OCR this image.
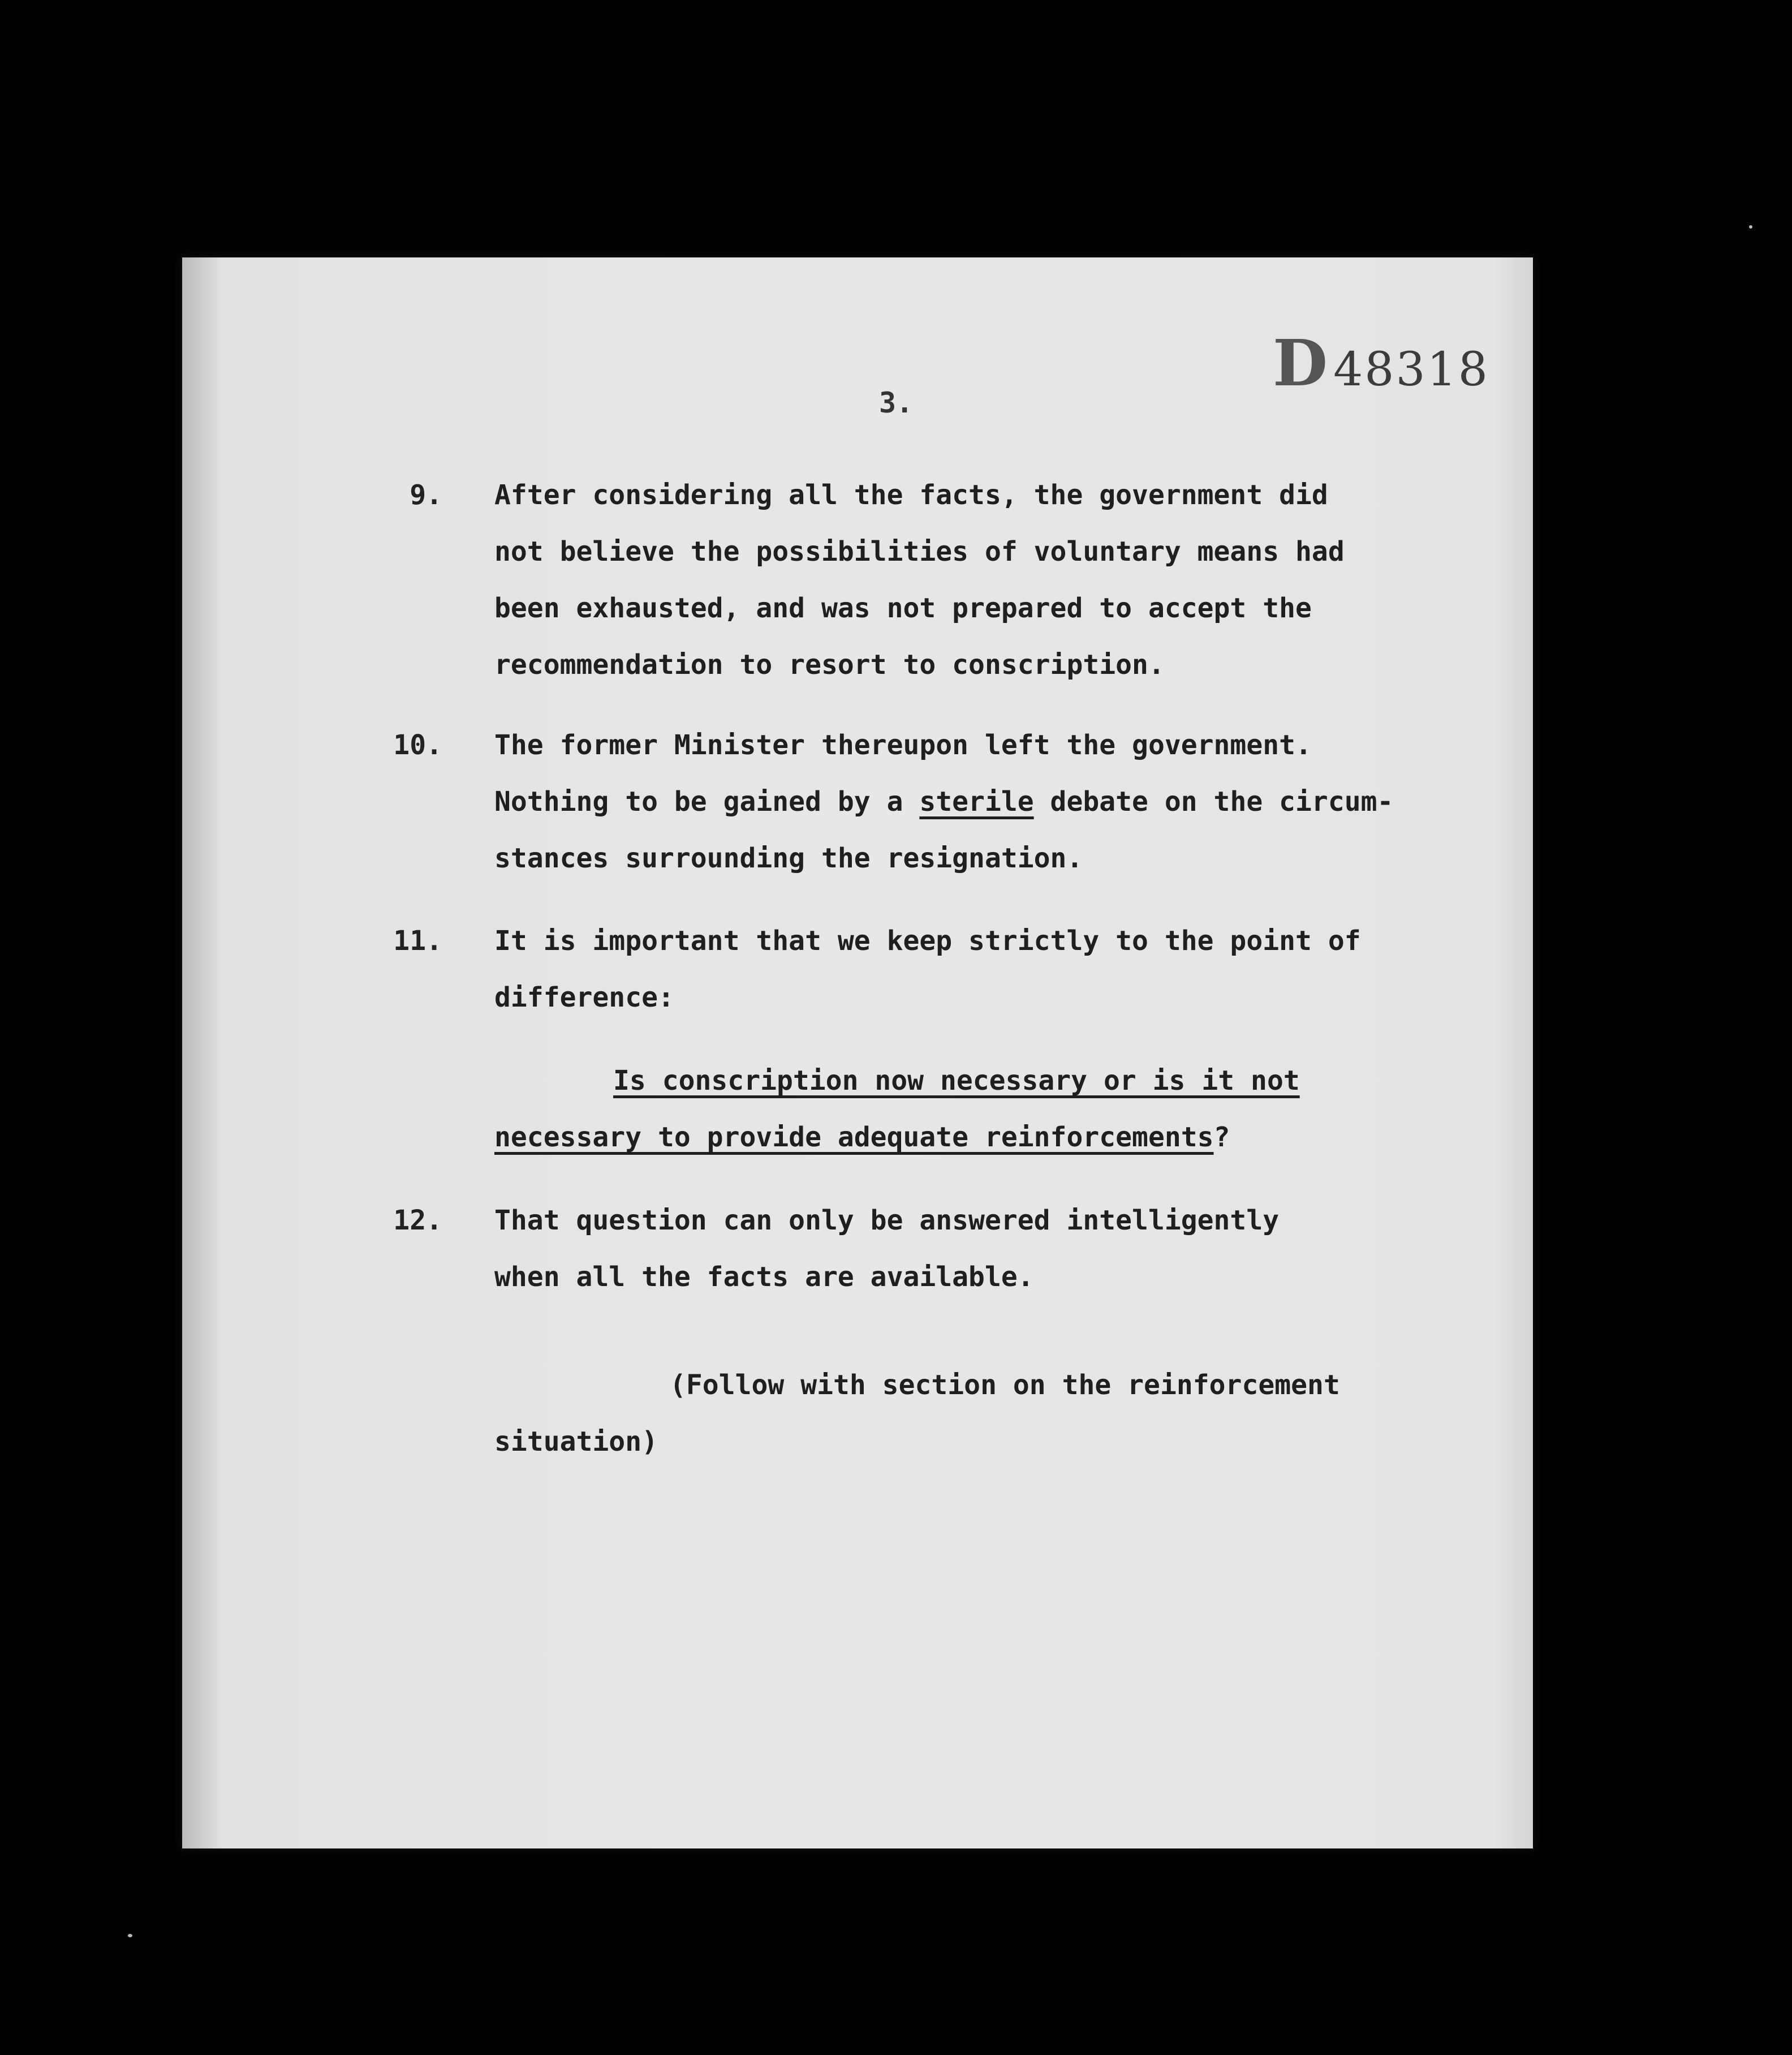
D 48318
3.
9. After considering all the facts, the government did
not believe the possibilities of voluntary means had
been exhausted, and was not prepared to accept the
recommendation to resort to conscription.
10. The former Minister thereupon left the government.
Nothing to be gained by a sterile debate on the circum-
stances surrounding the resignation.
11. It is important that we keep strictly to the point of
difference:
Is conscription now necessary or is it not
necessary to provide adequate reinforcements?
12. That question can only be answered intelligently
when all the facts are available.
(Follow with section on the reinforcement
situation)
